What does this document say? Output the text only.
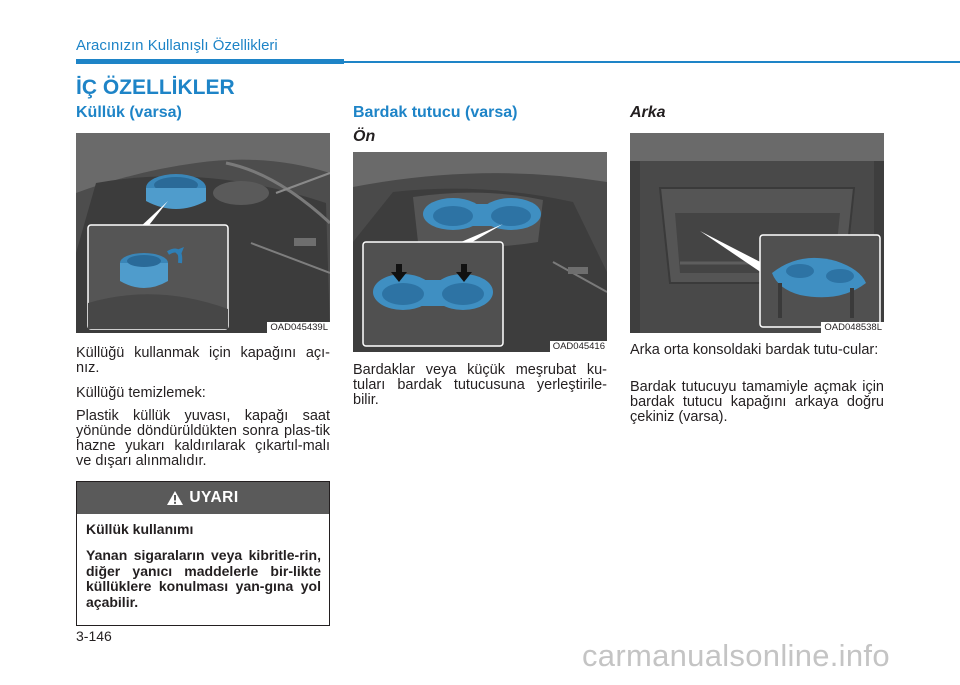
Aracınızın Kullanışlı Özellikleri
İÇ ÖZELLİKLER
Küllük (varsa)
OAD045439L
Küllüğü kullanmak için kapağını açı-nız.
Küllüğü temizlemek:
Plastik küllük yuvası, kapağı saat yönünde döndürüldükten sonra plas-tik hazne yukarı kaldırılarak çıkartıl-malı ve dışarı alınmalıdır.
UYARI
Küllük kullanımı
Yanan sigaraların veya kibritle-rin, diğer yanıcı maddelerle bir-likte küllüklere konulması yan-gına yol açabilir.
Bardak tutucu (varsa)
Ön
OAD045416
Bardaklar veya küçük meşrubat ku-tuları bardak tutucusuna yerleştirile-bilir.
Arka
OAD048538L
Arka orta konsoldaki bardak tutu-cular:
Bardak tutucuyu tamamiyle açmak için bardak tutucu kapağını arkaya doğru çekiniz (varsa).
3-146
carmanualsonline.info
